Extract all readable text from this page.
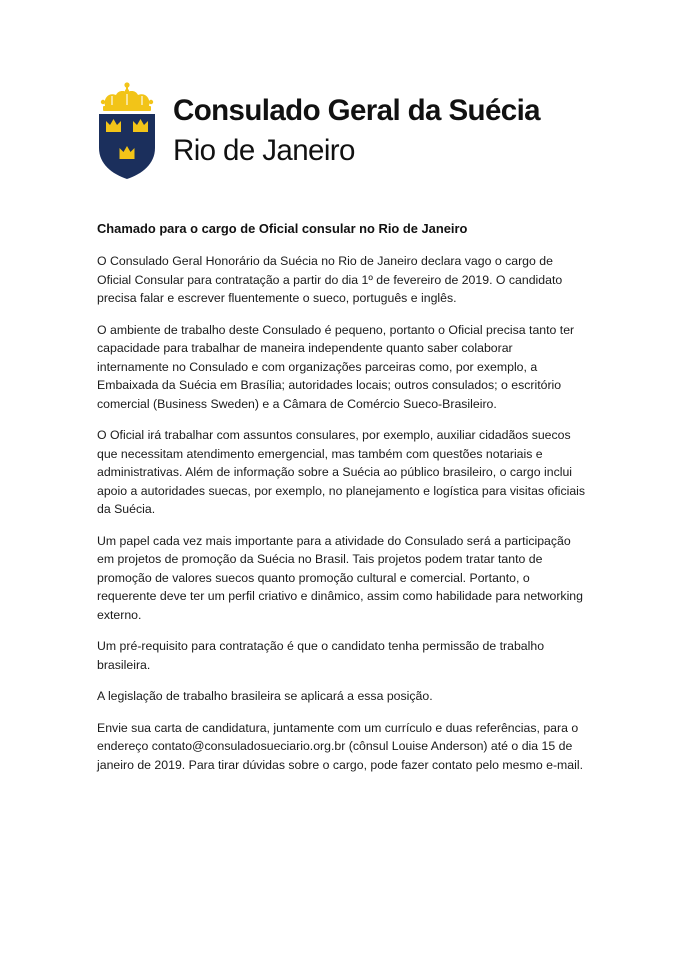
Consulado Geral da Suécia
Rio de Janeiro
Chamado para o cargo de Oficial consular no Rio de Janeiro

O Consulado Geral Honorário da Suécia no Rio de Janeiro declara vago o cargo de Oficial Consular para contratação a partir do dia 1º de fevereiro de 2019. O candidato precisa falar e escrever fluentemente o sueco, português e inglês.

O ambiente de trabalho deste Consulado é pequeno, portanto o Oficial precisa tanto ter capacidade para trabalhar de maneira independente quanto saber colaborar internamente no Consulado e com organizações parceiras como, por exemplo, a Embaixada da Suécia em Brasília; autoridades locais; outros consulados; o escritório comercial (Business Sweden) e a Câmara de Comércio Sueco-Brasileiro.

O Oficial irá trabalhar com assuntos consulares, por exemplo, auxiliar cidadãos suecos que necessitam atendimento emergencial, mas também com questões notariais e administrativas. Além de informação sobre a Suécia ao público brasileiro, o cargo inclui apoio a autoridades suecas, por exemplo, no planejamento e logística para visitas oficiais da Suécia.

Um papel cada vez mais importante para a atividade do Consulado será a participação em projetos de promoção da Suécia no Brasil. Tais projetos podem tratar tanto de promoção de valores suecos quanto promoção cultural e comercial. Portanto, o requerente deve ter um perfil criativo e dinâmico, assim como habilidade para networking externo.

Um pré-requisito para contratação é que o candidato tenha permissão de trabalho brasileira.

A legislação de trabalho brasileira se aplicará a essa posição.

Envie sua carta de candidatura, juntamente com um currículo e duas referências, para o endereço contato@consuladosueciario.org.br (cônsul Louise Anderson) até o dia 15 de janeiro de 2019. Para tirar dúvidas sobre o cargo, pode fazer contato pelo mesmo e-mail.
